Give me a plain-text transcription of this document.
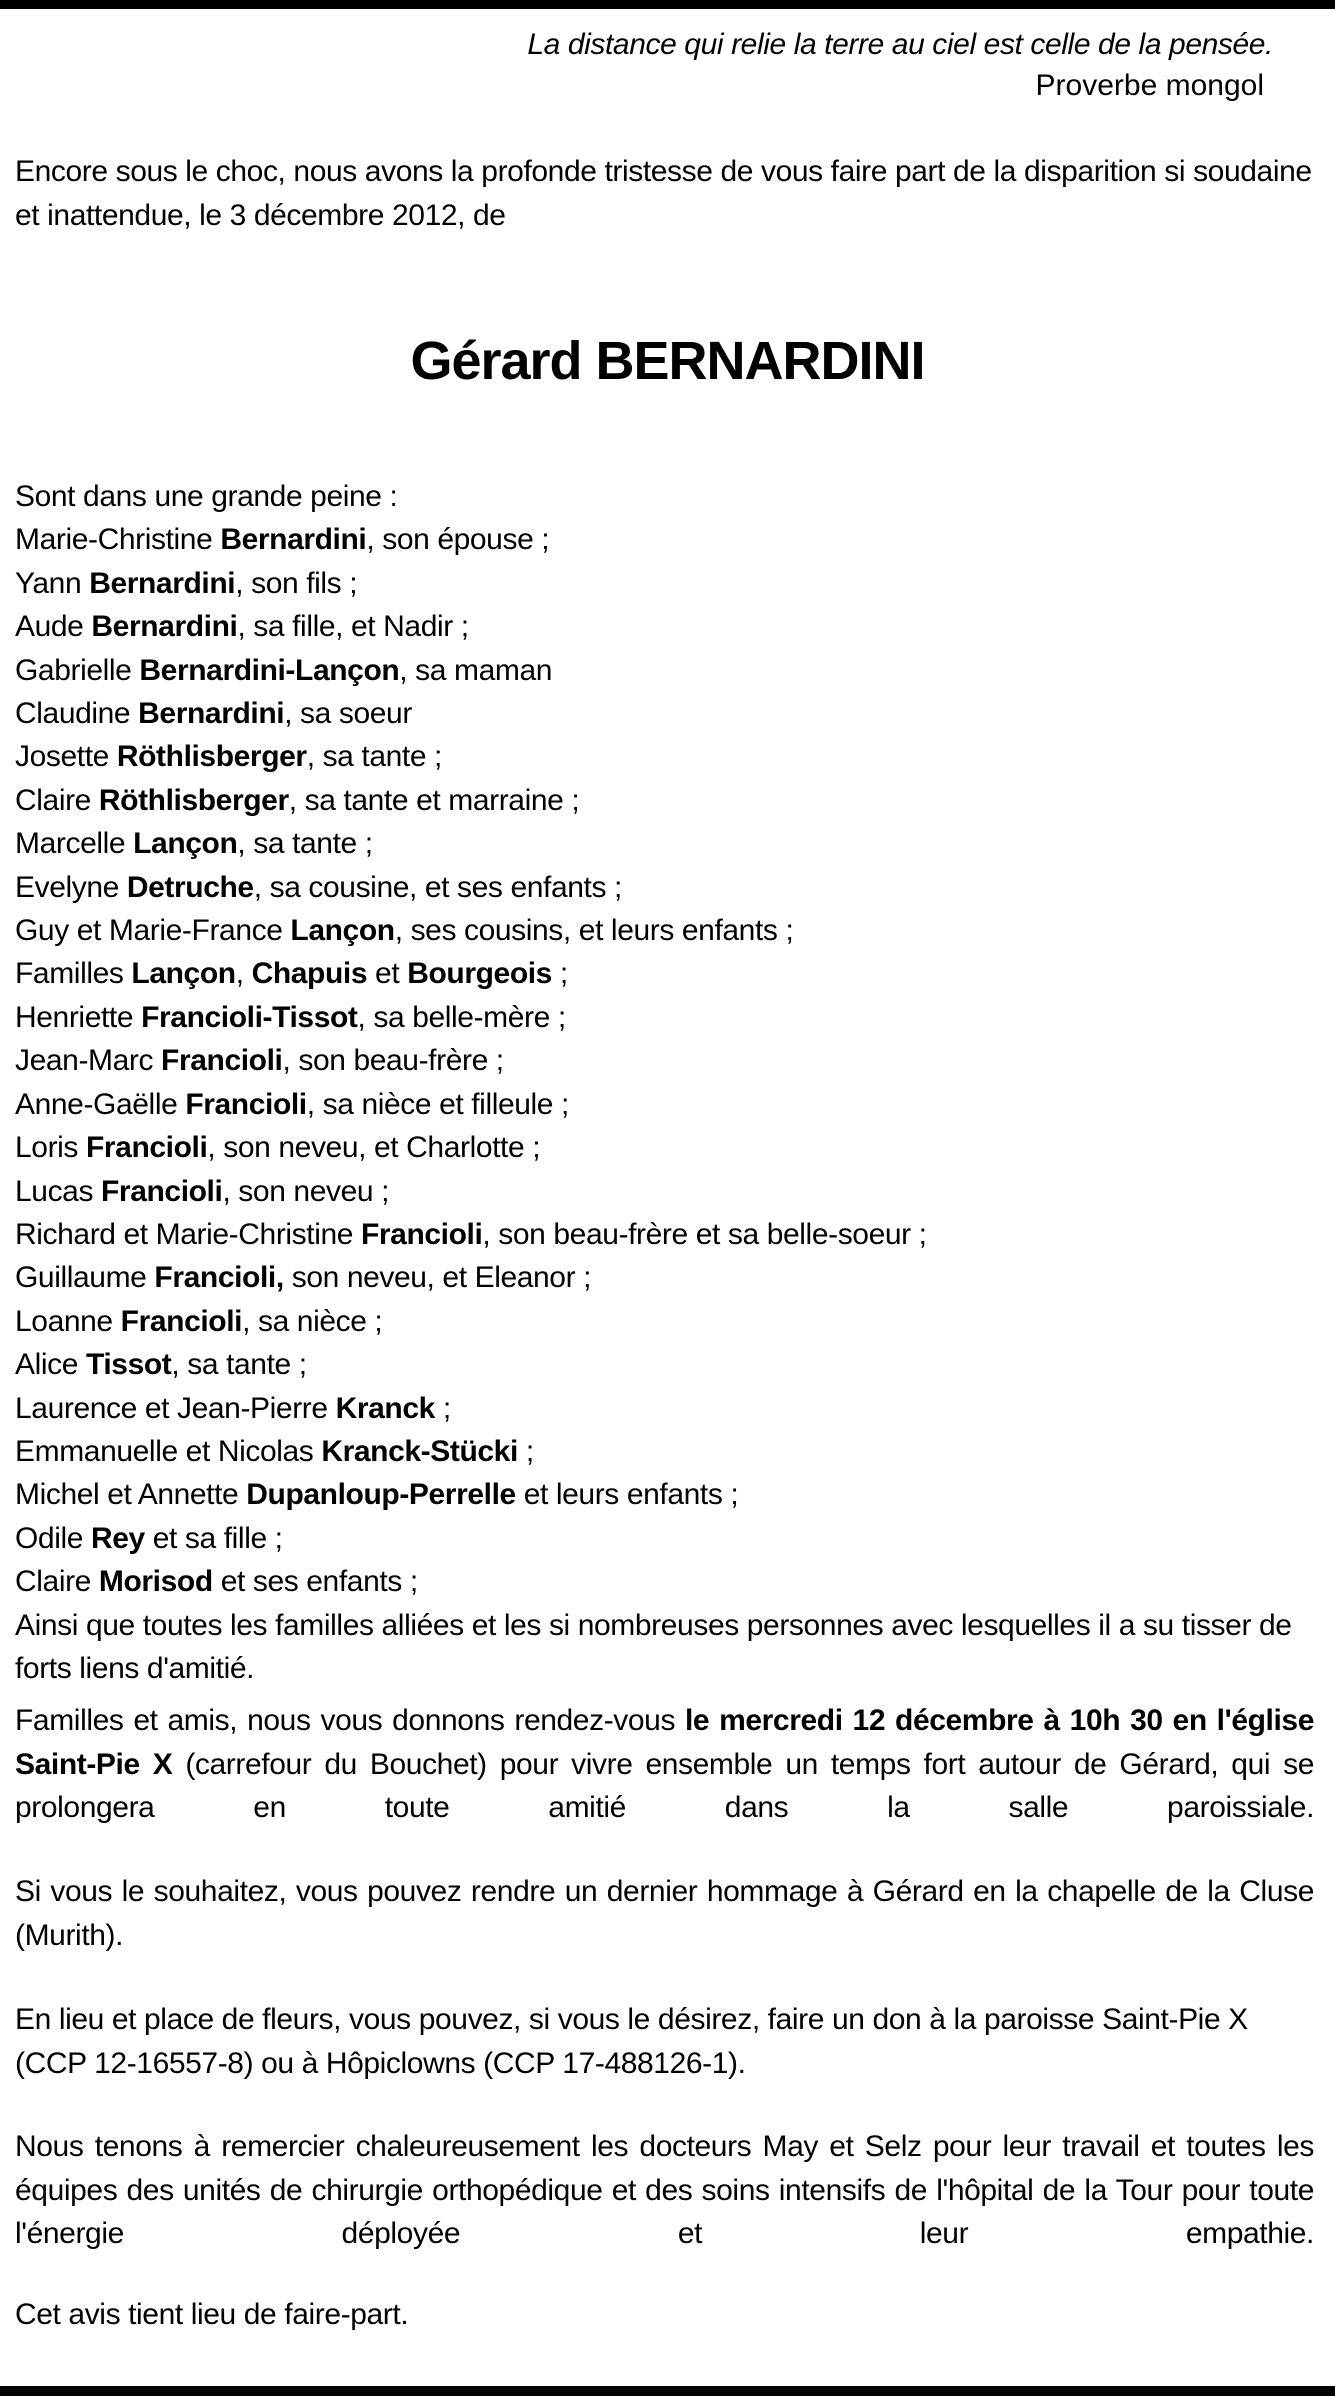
La distance qui relie la terre au ciel est celle de la pensée.
Proverbe mongol
Encore sous le choc, nous avons la profonde tristesse de vous faire part de la disparition si soudaine et inattendue, le 3 décembre 2012, de
Gérard BERNARDINI
Sont dans une grande peine :
Marie-Christine Bernardini, son épouse ;
Yann Bernardini, son fils ;
Aude Bernardini, sa fille, et Nadir ;
Gabrielle Bernardini-Lançon, sa maman
Claudine Bernardini, sa soeur
Josette Röthlisberger, sa tante ;
Claire Röthlisberger, sa tante et marraine ;
Marcelle Lançon, sa tante ;
Evelyne Detruche, sa cousine, et ses enfants ;
Guy et Marie-France Lançon, ses cousins, et leurs enfants ;
Familles Lançon, Chapuis et Bourgeois ;
Henriette Francioli-Tissot, sa belle-mère ;
Jean-Marc Francioli, son beau-frère ;
Anne-Gaëlle Francioli, sa nièce et filleule ;
Loris Francioli, son neveu, et Charlotte ;
Lucas Francioli, son neveu ;
Richard et Marie-Christine Francioli, son beau-frère et sa belle-soeur ;
Guillaume Francioli, son neveu, et Eleanor ;
Loanne Francioli, sa nièce ;
Alice Tissot, sa tante ;
Laurence et Jean-Pierre Kranck ;
Emmanuelle et Nicolas Kranck-Stücki ;
Michel et Annette Dupanloup-Perrelle et leurs enfants ;
Odile Rey et sa fille ;
Claire Morisod et ses enfants ;
Ainsi que toutes les familles alliées et les si nombreuses personnes avec lesquelles il a su tisser de forts liens d'amitié.
Familles et amis, nous vous donnons rendez-vous le mercredi 12 décembre à 10h 30 en l'église Saint-Pie X (carrefour du Bouchet) pour vivre ensemble un temps fort autour de Gérard, qui se prolongera en toute amitié dans la salle paroissiale.
Si vous le souhaitez, vous pouvez rendre un dernier hommage à Gérard en la chapelle de la Cluse (Murith).
En lieu et place de fleurs, vous pouvez, si vous le désirez, faire un don à la paroisse Saint-Pie X (CCP 12-16557-8) ou à Hôpiclowns (CCP 17-488126-1).
Nous tenons à remercier chaleureusement les docteurs May et Selz pour leur travail et toutes les équipes des unités de chirurgie orthopédique et des soins intensifs de l'hôpital de la Tour pour toute l'énergie déployée et leur empathie.
Cet avis tient lieu de faire-part.
